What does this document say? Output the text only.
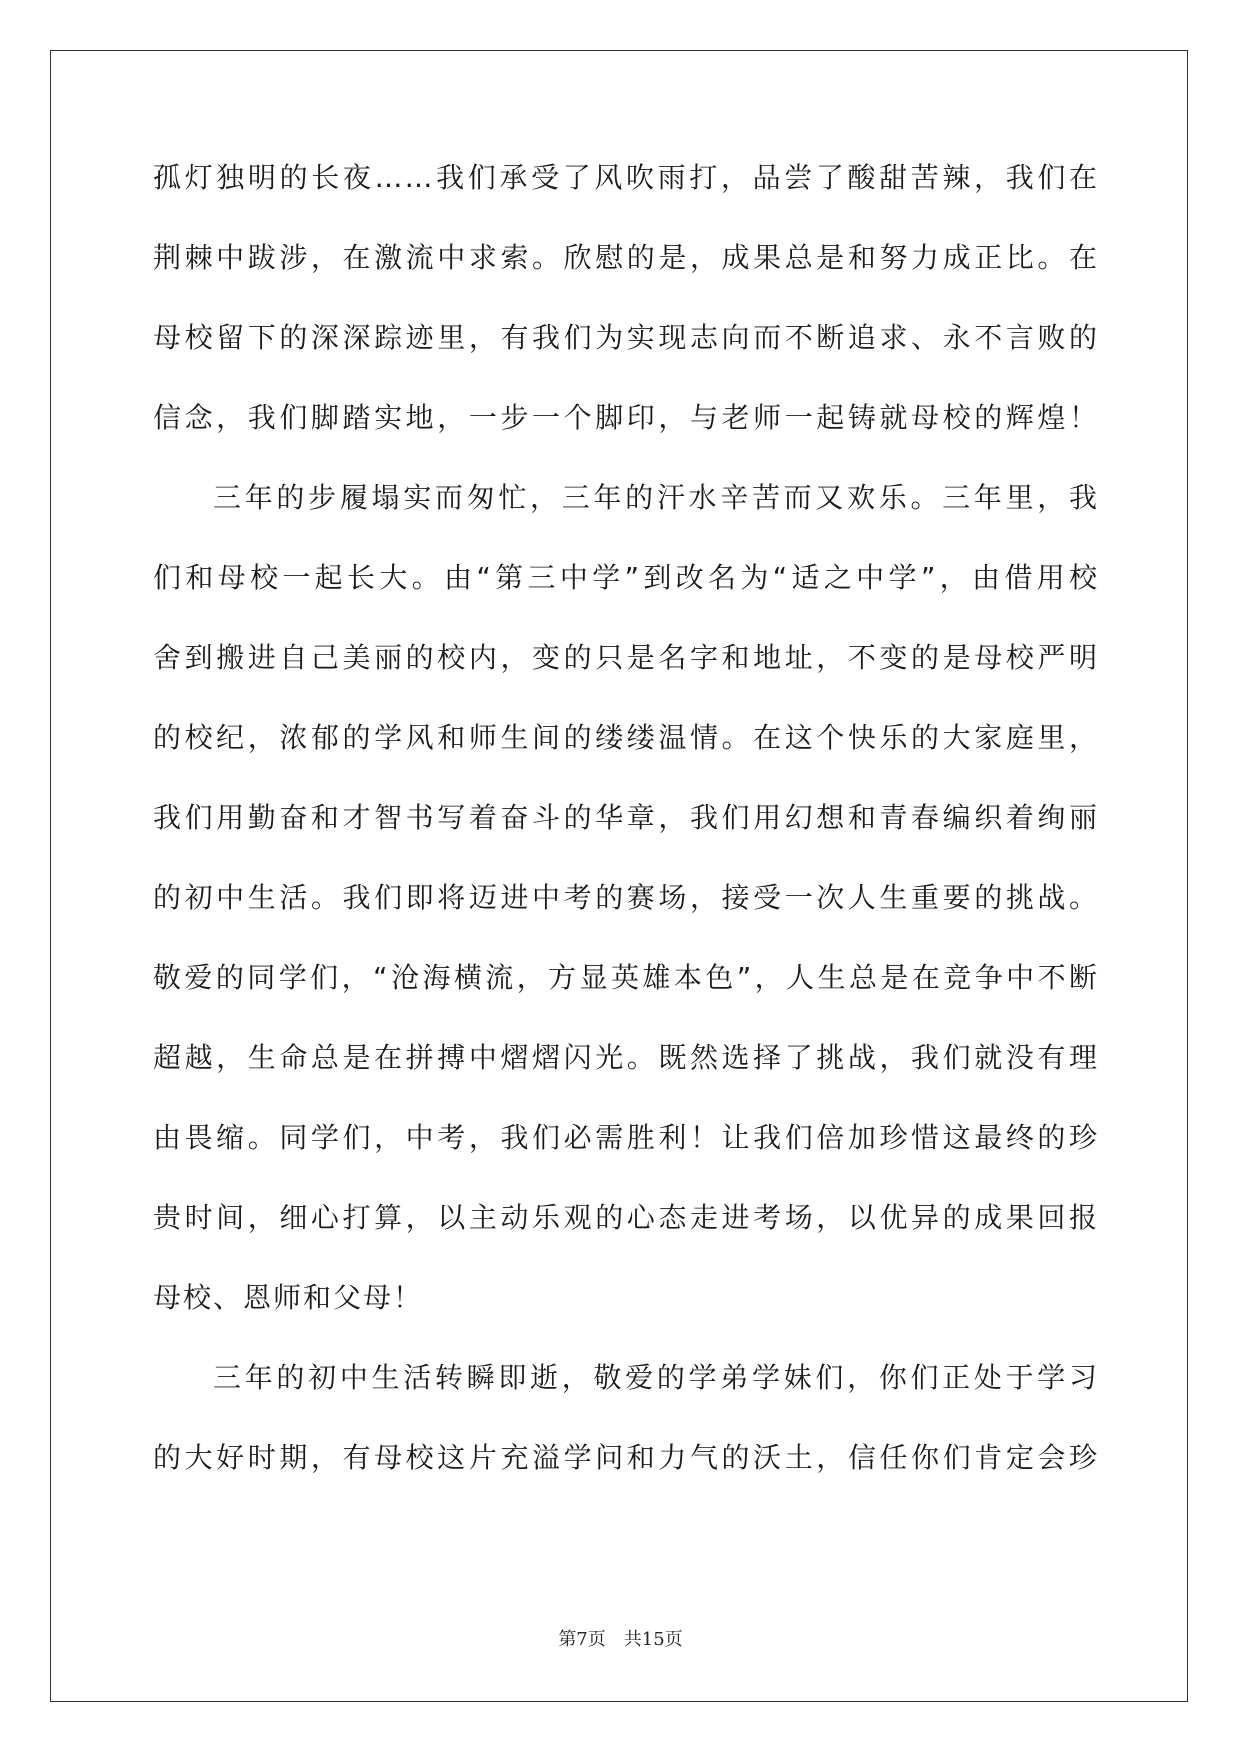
孤灯独明的长夜……我们承受了风吹雨打，品尝了酸甜苦辣，我们在
荆棘中跋涉，在激流中求索。欣慰的是，成果总是和努力成正比。在
母校留下的深深踪迹里，有我们为实现志向而不断追求、永不言败的
信念，我们脚踏实地，一步一个脚印，与老师一起铸就母校的辉煌！
三年的步履塌实而匆忙，三年的汗水辛苦而又欢乐。三年里，我
们和母校一起长大。由“第三中学”到改名为“适之中学”，由借用校
舍到搬进自己美丽的校内，变的只是名字和地址，不变的是母校严明
的校纪，浓郁的学风和师生间的缕缕温情。在这个快乐的大家庭里，
我们用勤奋和才智书写着奋斗的华章，我们用幻想和青春编织着绚丽
的初中生活。我们即将迈进中考的赛场，接受一次人生重要的挑战。
敬爱的同学们，“沧海横流，方显英雄本色”，人生总是在竞争中不断
超越，生命总是在拼搏中熠熠闪光。既然选择了挑战，我们就没有理
由畏缩。同学们，中考，我们必需胜利！让我们倍加珍惜这最终的珍
贵时间，细心打算，以主动乐观的心态走进考场，以优异的成果回报
母校、恩师和父母！
三年的初中生活转瞬即逝，敬爱的学弟学妹们，你们正处于学习
的大好时期，有母校这片充溢学问和力气的沃土，信任你们肯定会珍
第7页　共15页
